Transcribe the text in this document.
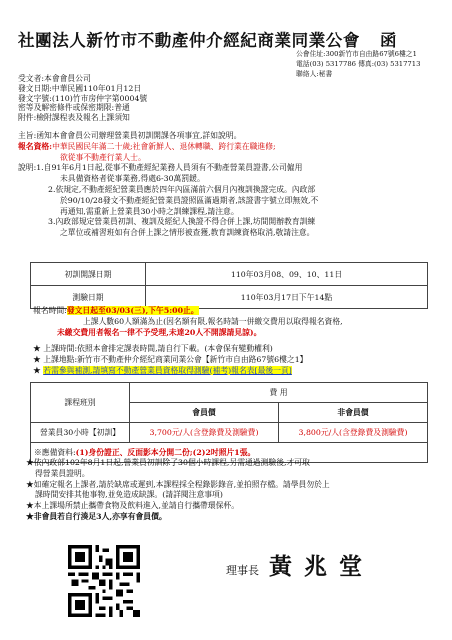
社團法人新竹市不動產仲介經紀商業同業公會 函
公會住址:300新竹市自由路67號6樓之1
電話(03) 5317786 傳真:(03) 5317713
聯絡人:秘書
受文者:本會會員公司
發文日期:中華民國110年01月12日
發文字號:(110)竹市房仲字第0004號
密等及解密條件或保密期限:普通
附件:檢附課程表及報名上課須知
主旨:函知本會會員公司辦理營業員初訓開課各項事宜,詳如說明。
報名資格:中華民國民年滿二十歲;社會新鮮人、退休轉職、跨行業在職進修;
欲從事不動產行業人士。
說明:1.自91年6月1日起,從事不動產經紀業務人員須有不動產營業員證書,公司僱用
未具備資格者從事業務,得處6-30萬罰鍰。
2.依規定,不動產經紀營業員應於四年內區滿前六個月內複訓換證完成。內政部
於90/10/28發文不動產經紀營業員證照區滿過期者,該證書字號立即無效,不
再通知,需重新上營業員30小時之訓練課程,請注意。
3.內政部規定營業員初訓、複訓及經紀人換證不得合併上課,坊間開辦教育訓練
之單位或補習班如有合併上課之情形被查獲,教育訓練資格取消,敬請注意。
初訓開課日期	110年03月08、09、10、11日
測驗日期	110年03月17日下午14點
報名時間:發文日起至03/03(三),下午5:00止。
上課人數60人額滿為止(因名額有限,報名時請一併繳交費用以取得報名資格,
未繳交費用者報名一律不予受理,未達20人不開課請見諒)。
★ 上課時間:依照本會排定課表時間,請自行下載。(本會保有變動權利)
★ 上課地點:新竹市不動產仲介經紀商業同業公會【新竹市自由路67號6樓之1】
★ 若需參與補測,請填寫不動產營業員資格取得測驗(補考)報名表[最後一頁]
課程班別	費 用	
	會員價	非會員價
營業員30小時【初訓】	3,700元/人(含登錄費及測驗費)	3,800元/人(含登錄費及測驗費)
※應備資料:(1)身份證正、反面影本分開二份;(2)2吋照片1張。		
★依內政部102年8月1日起,營業員初訓除了30個小時課程,另需通過測驗後,才可取
得營業員證明。
★如確定報名上課者,請於缺席或遲到,本課程採全程錄影錄音,並拍照存檔。請學員勿於上
課時間安排其他事物,並免造成缺課。(請詳閱注意事項)
★本上課場所禁止攜帶食物及飲料進入,並請自行攜帶環保杯。
★非會員若自行湊足3人,亦享有會員價。
理事長 黃兆堂
